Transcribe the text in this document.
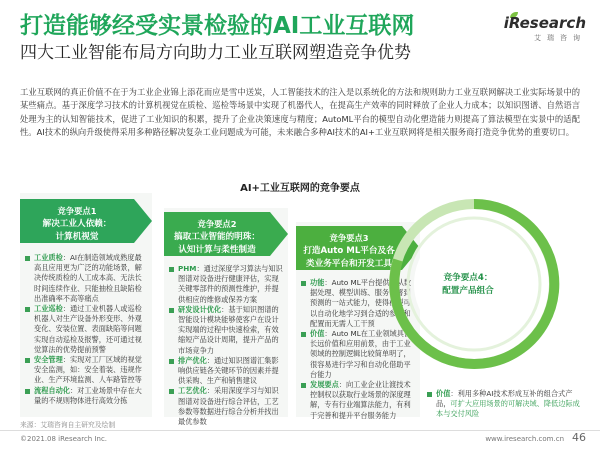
打造能够经受实景检验的AI工业互联网
四大工业智能布局方向助力工业互联网塑造竞争优势
iResearch
艾瑞咨询
工业互联网的真正价值不在于为工业企业锦上添花而应是雪中送炭，人工智能技术的注入是以系统化的方法和规则助力工业互联网解决工业实际场景中的某些痛点。基于深度学习技术的计算机视觉在质检、巡检等场景中实现了机器代人，在提高生产效率的同时释放了企业人力成本；以知识图谱、自然语言处理为主的认知智能技术，促进了工业知识的积累，提升了企业决策速度与精度；AutoML平台的模型自动化塑造能力则提高了算法模型在实景中的适配性。AI技术的纵向升级使得采用多种路径解决复杂工业问题成为可能，未来融合多种AI技术的AI+工业互联网将是相关服务商打造竞争优势的重要切口。
AI+工业互联网的竞争要点
竞争要点1
解决工业人依赖：
计算机视觉
工业质检：AI在制造领域成熟度最高且应用更为广泛的功能场景，解决传统质检的人工成本高、无法长时间连续作业、只能抽检且缺陷检出准确率不高等痛点
工业巡检：通过工业机器人或巡检机器人对生产设备外形变形、外观变化、安装位置、表面缺陷等问题实现自动巡检及报警，还可通过视觉算法的优势提前预警
安全管理：实现对工厂区域的视觉安全监测，如：安全着装、违规作业、生产环境监测、人车路管控等
流程自动化：对工业场景中存在大量的不规则物体进行高效分拣
竞争要点2
搞取工业智能的明珠：
认知计算与柔性制造
PHM：通过深度学习算法与知识图谱对设备进行健康评估，实现关键零部件的预测性维护，并提供相应的维修或保养方案
研发设计优化：基于知识图谱的智能设计模块能够使客户在设计实现端的过程中快速检索，有效缩短产品设计周期，提升产品的市场竞争力
排产优化：通过知识图谱汇集影响供应链各关键环节的因素并提供采购、生产和销售建议
工艺优化：采用深度学习与知识图谱对设备进行综合评估，工艺参数等数据进行综合分析并找出最优参数
竞争要点3
打造Auto ML平台及各
类业务平台和开发工具
功能：Auto ML平台提供了从数据处理、模型训练、服务部署到预测的一站式能力，使得模型可以自动化地学习到合适的参数和配置而无需人工干预
价值：Auto ML在工业领域具备长远价值和应用前景，由于工业领域的控制逻辑比较简单明了，很容易进行学习和自动化借助平台能力
发展要点：向工业企业让渡技术控制权以获取行业场景的深度理解，专有行业端算法能力，有利于完善和提升平台服务能力
竞争要点4：
配置产品组合
价值：利用多种AI技术形成互补的组合式产品，可扩大应用场景的可解决域、降低边际成本与交付风险
来源：艾瑞咨询自主研究及绘制
©2021.08 iResearch Inc.	www.iresearch.com.cn 46
